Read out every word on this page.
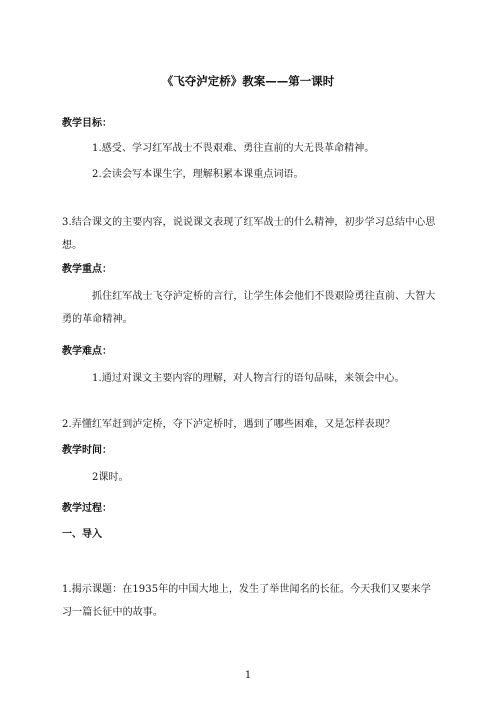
《飞夺泸定桥》教案——第一课时

教学目标：

1.感受、学习红军战士不畏艰难、勇往直前的大无畏革命精神。

2.会读会写本课生字，理解积累本课重点词语。

3.结合课文的主要内容，说说课文表现了红军战士的什么精神，初步学习总结中心思想。

教学重点：

抓住红军战士飞夺泸定桥的言行，让学生体会他们不畏艰险勇往直前、大智大勇的革命精神。

教学难点：

1.通过对课文主要内容的理解，对人物言行的语句品味，来领会中心。

2.弄懂红军赶到泸定桥，夺下泸定桥时，遇到了哪些困难，又是怎样表现？

教学时间：

2课时。

教学过程：

一、导入

1.揭示课题：在1935年的中国大地上，发生了举世闻名的长征。今天我们又要来学习一篇长征中的故事。

1
